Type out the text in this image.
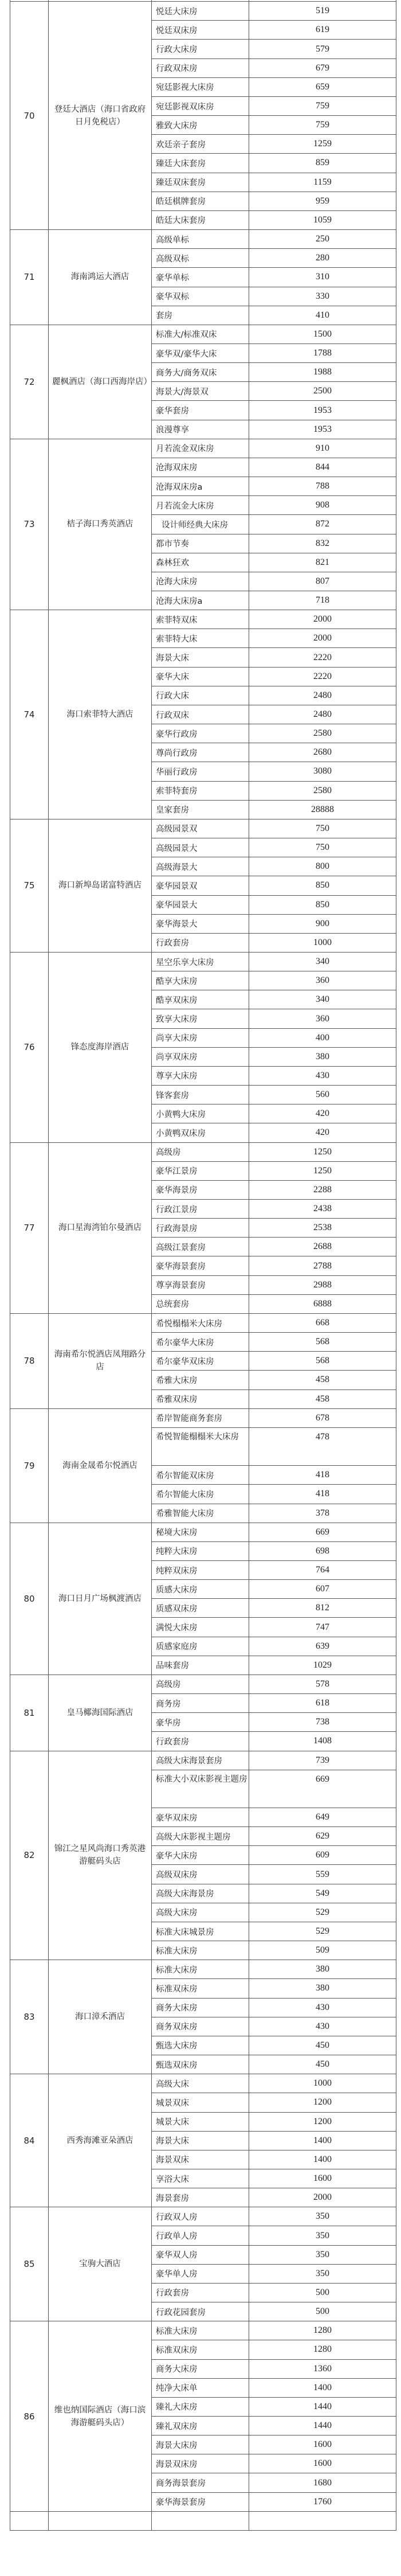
70	登廷大酒店（海口省政府日月免税店）	悦廷大床房	519
		悦廷双床房	619
		行政大床房	579
		行政双床房	679
		宛廷影视大床房	659
		宛廷影视双床房	759
		雅致大床房	759
		欢廷亲子套房	1259
		臻廷大床套房	859
		臻廷双床套房	1159
		皓廷棋牌套房	959
		皓廷大床套房	1059
71	海南鸿运大酒店	高级单标	250
		高级双标	280
		豪华单标	310
		豪华双标	330
		套房	410
72	麗枫酒店（海口西海岸店）	标准大/标准双床	1500
		豪华双/豪华大床	1788
		商务大/商务双床	1988
		海景大/海景双	2500
		豪华套房	1953
		浪漫尊享	1953
73	桔子海口秀英酒店	月若流金双床房	910
		沧海双床房	844
		沧海双床房a	788
		月若流金大床房	908
		设计师经典大床房	872
		都市节奏	832
		森林狂欢	821
		沧海大床房	807
		沧海大床房a	718
74	海口索菲特大酒店	索菲特双床	2000
		索菲特大床	2000
		海景大床	2220
		豪华大床	2220
		行政大床	2480
		行政双床	2480
		豪华行政房	2580
		尊尚行政房	2680
		华丽行政房	3080
		索菲特套房	2580
		皇家套房	28888
75	海口新埠岛诺富特酒店	高级园景双	750
		高级园景大	750
		高级海景大	800
		豪华园景双	850
		豪华园景大	850
		豪华海景大	900
		行政套房	1000
76	锋态度海岸酒店	星空乐享大床房	340
		酷享大床房	360
		酷享双床房	340
		致享大床房	360
		尚享大床房	400
		尚享双床房	380
		尊享大床房	430
		锋客套房	560
		小黄鸭大床房	420
		小黄鸭双床房	420
77	海口星海湾铂尔曼酒店	高级房	1250
		豪华江景房	1250
		豪华海景房	2288
		行政江景房	2438
		行政海景房	2538
		高级江景套房	2688
		豪华海景套房	2788
		尊享海景套房	2988
		总统套房	6888
78	海南希尔悦酒店凤翔路分店	希悦榻榻米大床房	668
		希尔豪华大床房	568
		希尔豪华双床房	568
		希雅大床房	458
		希雅双床房	458
79	海南金晟希尔悦酒店	希岸智能商务套房	678
		希悦智能榻榻米大床房	478
		希尔智能双床房	418
		希尔智能大床房	418
		希雅智能大床房	378
80	海口日月广场枫渡酒店	秘境大床房	669
		纯粹大床房	698
		纯粹双床房	764
		质感大床房	607
		质感双床房	812
		满悦大床房	747
		质感家庭房	639
		品味套房	1029
81	皇马椰海国际酒店	高级房	578
		商务房	618
		豪华房	738
		行政套房	1408
82	锦江之星风尚海口秀英港游艇码头店	高级大床海景套房	739
		标准大小双床影视主题房	669
		豪华双床房	649
		高级大床影视主题房	629
		豪华大床房	609
		高级双床房	559
		高级大床海景房	549
		高级大床房	529
		标准大床城景房	529
		标准大床房	509
83	海口漳禾酒店	标准大床房	380
		标准双床房	380
		商务大床房	430
		商务双床房	430
		甄选大床房	450
		甄选双床房	450
84	西秀海滩亚朵酒店	高级大床	1000
		城景双床	1200
		城景大床	1200
		海景大床	1400
		海景双床	1400
		享浴大床	1600
		海景套房	2000
85	宝驹大酒店	行政双人房	350
		行政单人房	350
		豪华双人房	350
		豪华单人房	350
		行政套房	500
		行政花园套房	500
86	维也纳国际酒店（海口滨海游艇码头店）	标准大床房	1280
		标准双床房	1280
		商务大床房	1360
		纯净大床单	1400
		臻礼大床房	1440
		臻礼双床房	1440
		海景大床房	1600
		海景双床房	1600
		商务海景套房	1680
		豪华海景套房	1760
